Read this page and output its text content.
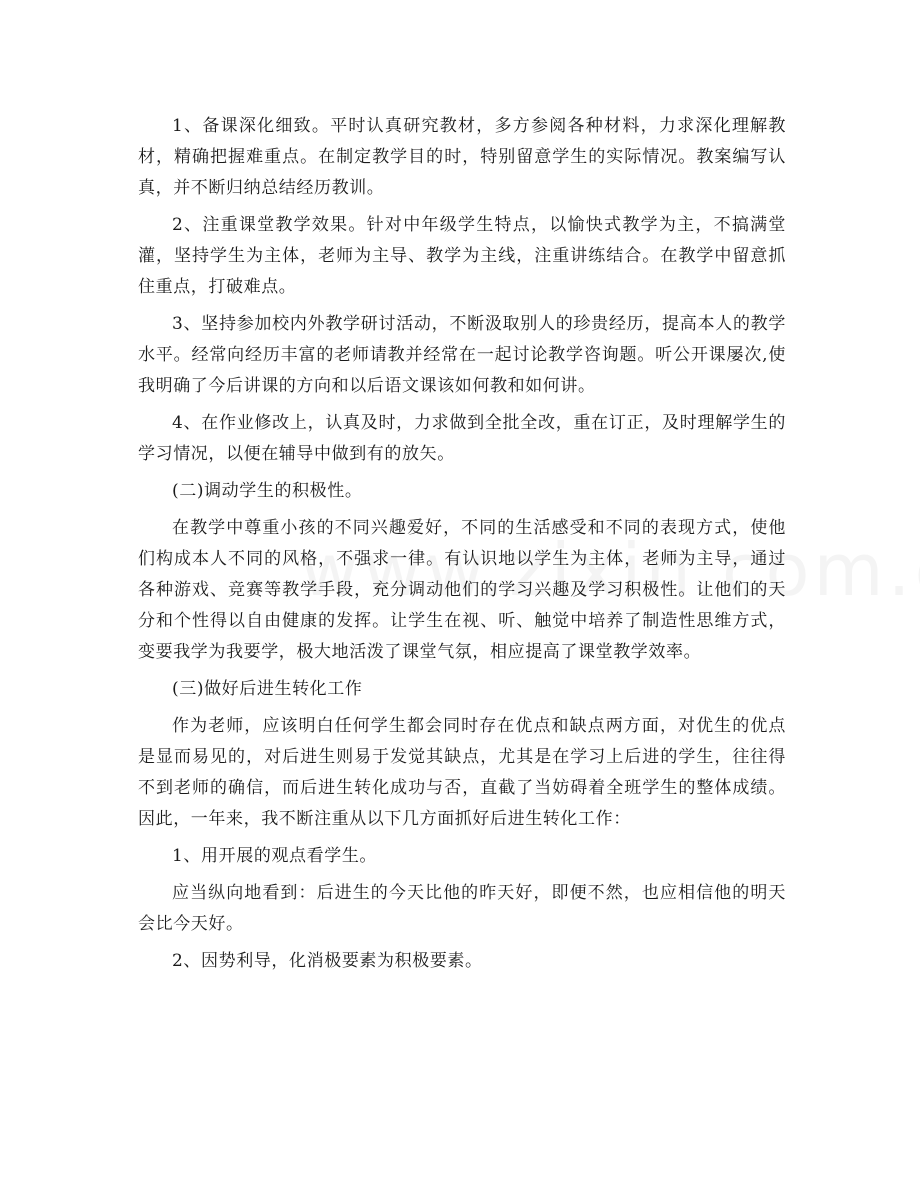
1、备课深化细致。平时认真研究教材，多方参阅各种材料，力求深化理解教材，精确把握难重点。在制定教学目的时，特别留意学生的实际情况。教案编写认真，并不断归纳总结经历教训。

2、注重课堂教学效果。针对中年级学生特点，以愉快式教学为主，不搞满堂灌，坚持学生为主体，老师为主导、教学为主线，注重讲练结合。在教学中留意抓住重点，打破难点。

3、坚持参加校内外教学研讨活动，不断汲取别人的珍贵经历，提高本人的教学水平。经常向经历丰富的老师请教并经常在一起讨论教学咨询题。听公开课屡次,使我明确了今后讲课的方向和以后语文课该如何教和如何讲。

4、在作业修改上，认真及时，力求做到全批全改，重在订正，及时理解学生的学习情况，以便在辅导中做到有的放矢。

(二)调动学生的积极性。

在教学中尊重小孩的不同兴趣爱好，不同的生活感受和不同的表现方式，使他们构成本人不同的风格，不强求一律。有认识地以学生为主体，老师为主导，通过各种游戏、竞赛等教学手段，充分调动他们的学习兴趣及学习积极性。让他们的天分和个性得以自由健康的发挥。让学生在视、听、触觉中培养了制造性思维方式，变要我学为我要学，极大地活泼了课堂气氛，相应提高了课堂教学效率。

(三)做好后进生转化工作

作为老师，应该明白任何学生都会同时存在优点和缺点两方面，对优生的优点是显而易见的，对后进生则易于发觉其缺点，尤其是在学习上后进的学生，往往得不到老师的确信，而后进生转化成功与否，直截了当妨碍着全班学生的整体成绩。因此，一年来，我不断注重从以下几方面抓好后进生转化工作：

1、用开展的观点看学生。

应当纵向地看到：后进生的今天比他的昨天好，即便不然，也应相信他的明天会比今天好。

2、因势利导，化消极要素为积极要素。
